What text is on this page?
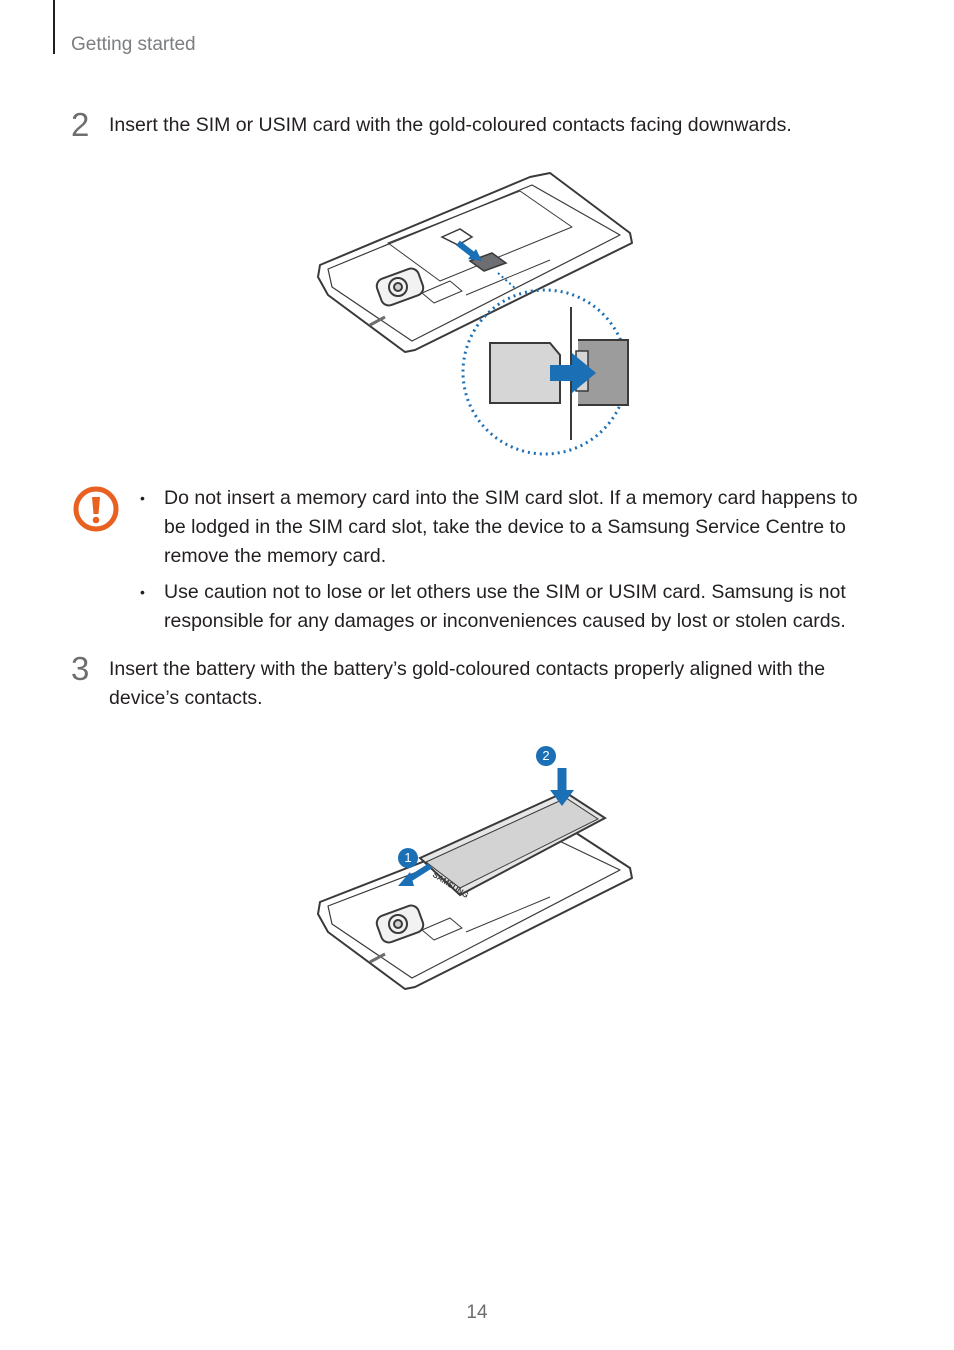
Getting started
2 Insert the SIM or USIM card with the gold-coloured contacts facing downwards.

• Do not insert a memory card into the SIM card slot. If a memory card happens to be lodged in the SIM card slot, take the device to a Samsung Service Centre to remove the memory card.
• Use caution not to lose or let others use the SIM or USIM card. Samsung is not responsible for any damages or inconveniences caused by lost or stolen cards.
3 Insert the battery with the battery’s gold-coloured contacts properly aligned with the device’s contacts.

SAMSUNG
1
2
14
